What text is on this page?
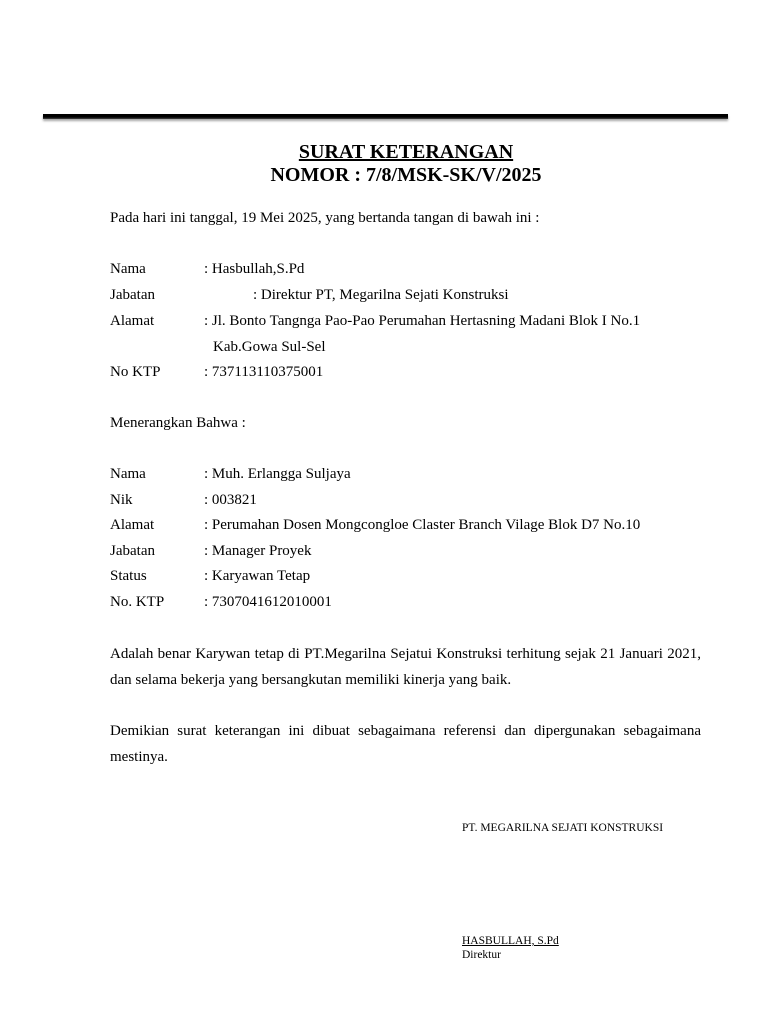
SURAT KETERANGAN
NOMOR : 7/8/MSK-SK/V/2025
Pada hari ini tanggal, 19 Mei 2025, yang bertanda tangan di bawah ini :
Nama	: Hasbullah,S.Pd
Jabatan	: Direktur PT, Megarilna Sejati Konstruksi
Alamat	: Jl. Bonto Tangnga Pao-Pao Perumahan Hertasning Madani Blok I No.1
Kab.Gowa Sul-Sel
No KTP	: 737113110375001
Menerangkan Bahwa :
Nama	: Muh. Erlangga Suljaya
Nik	: 003821
Alamat	: Perumahan Dosen Mongcongloe Claster Branch Vilage Blok D7 No.10
Jabatan	: Manager Proyek
Status	: Karyawan Tetap
No. KTP	: 7307041612010001
Adalah benar Karywan tetap di PT.Megarilna Sejatui Konstruksi terhitung sejak 21 Januari 2021, dan selama bekerja yang bersangkutan memiliki kinerja yang baik.
Demikian surat keterangan ini dibuat sebagaimana referensi dan dipergunakan sebagaimana mestinya.
PT. MEGARILNA SEJATI KONSTRUKSI
HASBULLAH, S.Pd
Direktur
